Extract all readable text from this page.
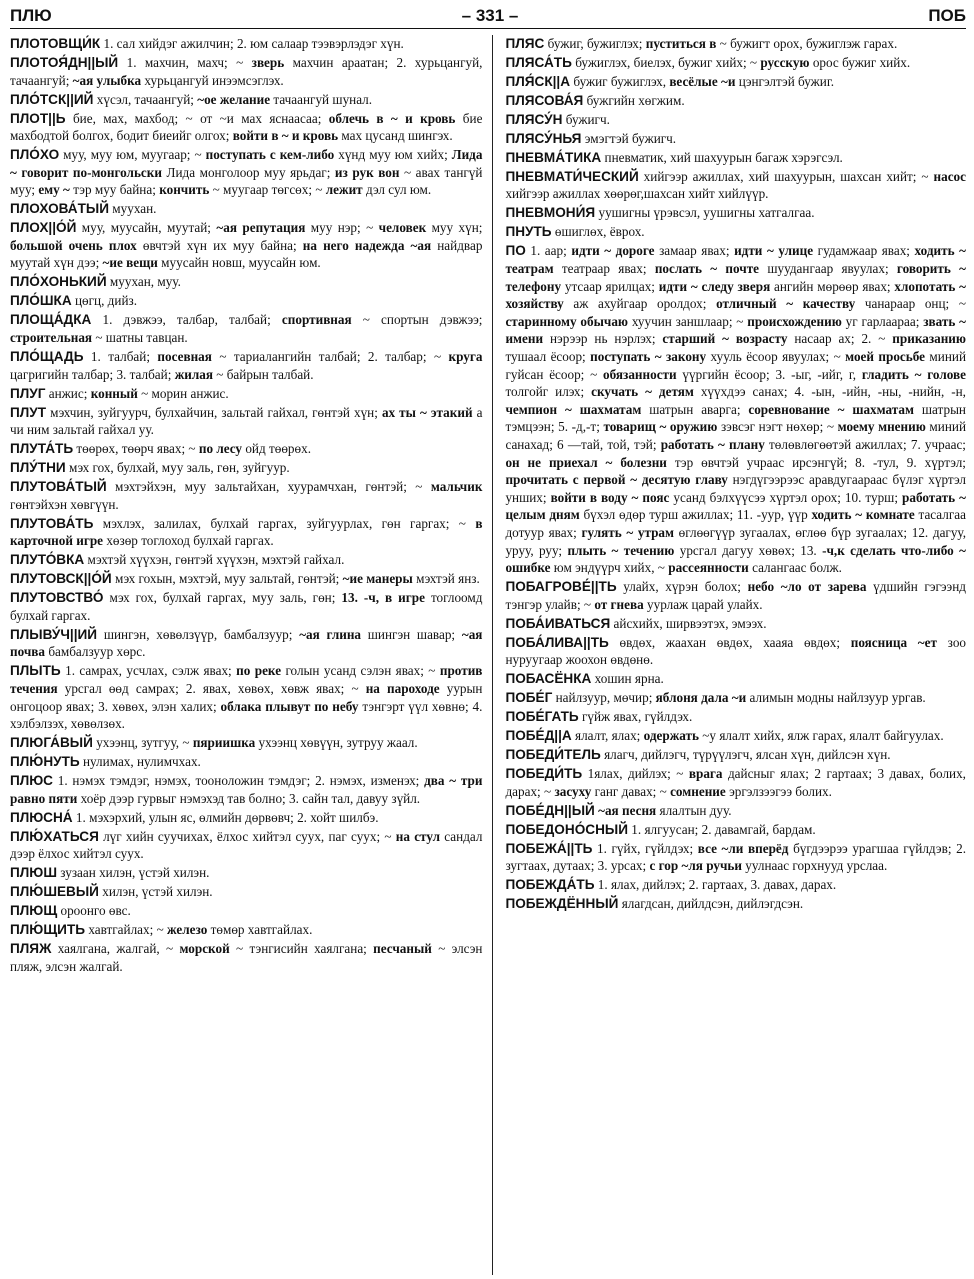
ПЛЮ	– 331 –	ПОБ
ПЛОТОВЩИ́К 1. сал хийдэг ажилчин; 2. юм салаар тээвэрлэдэг хүн.
ПЛОТОЯ́ДН||ЫЙ 1. махчин, махч; ~ зверь махчин араатан; 2. хурьцангуй, тачаангуй; ~ая улыбка хурьцангуй инээмсэглэх.
ПЛО́ТСК||ИЙ хүсэл, тачаангуй; ~ое желание тачаангуй шунал.
ПЛОТ||Ь бие, мах, махбод; ~ от ~и мах яснаасаа; облечь в ~ и кровь бие махбодтой болгох, бодит биеийг олгох; войти в ~ и кровь мах цусанд шингэх.
ПЛО́ХО муу, муу юм, муугаар; ~ поступать с кем-либо хүнд муу юм хийх; Лида ~ говорит по-монгольски Лида монголоор муу ярьдаг; из рук вон ~ авах тангүй муу; ему ~ тэр муу байна; кончить ~ муугаар төгсөх; ~ лежит дэл сул юм.
ПЛОХОВА́ТЫЙ муухан.
ПЛОХ||О́Й муу, муусайн, муутай; ~ая репутация муу нэр; ~ человек муу хүн; большой очень плох өвчтэй хүн их муу байна; на него надежда ~ая найдвар муутай хүн дээ; ~ие вещи муусайн новш, муусайн юм.
ПЛО́ХОНЬКИЙ муухан, муу.
ПЛО́ШКА цөгц, дийз.
ПЛОЩА́ДКА 1. дэвжээ, талбар, талбай; спортивная ~ спортын дэвжээ; строительная ~ шатны тавцан.
ПЛО́ЩАДЬ 1. талбай; посевная ~ тариалангийн талбай; 2. талбар; ~ круга цагригийн талбар; 3. талбай; жилая ~ байрын талбай.
ПЛУГ анжис; конный ~ морин анжис.
ПЛУТ мэхчин, зуйгуурч, булхайчин, зальтай гайхал, гөнтэй хүн; ах ты ~ этакий а чи ним зальтай гайхал уу.
ПЛУТА́ТЬ төөрөх, төөрч явах; ~ по лесу ойд төөрөх.
ПЛУ́ТНИ мэх гох, булхай, муу заль, гөн, зуйгуур.
ПЛУТОВА́ТЫЙ мэхтэйхэн, муу зальтайхан, хуурамчхан, гөнтэй; ~ мальчик гөнтэйхэн хөвгүүн.
ПЛУТОВА́ТЬ мэхлэх, залилах, булхай гаргах, зуйгуурлах, гөн гаргах; ~ в карточной игре хөзөр тоглоход булхай гаргах.
ПЛУТО́ВКА мэхтэй хүүхэн, гөнтэй хүүхэн, мэхтэй гайхал.
ПЛУТОВСК||О́Й мэх гохын, мэхтэй, муу зальтай, гөнтэй; ~ие манеры мэхтэй янз.
ПЛУТОВСТВО́ мэх гох, булхай гаргах, муу заль, гөн; 13. -ч, в игре тоглоомд булхай гаргах.
ПЛЫВУ́Ч||ИЙ шингэн, хөвөлзүүр, бамбалзуур; ~ая глина шингэн шавар; ~ая почва бамбалзуур хөрс.
ПЛЫТЬ 1. самрах, усчлах, сэлж явах; по реке голын усанд сэлэн явах; ~ против течения урсгал өөд самрах; 2. явах, хөвөх, хөвж явах; ~ на пароходе уурын онгоцоор явах; 3. хөвөх, элэн халих; облака плывут по небу тэнгэрт үүл хөвнө; 4. хэлбэлзэх, хөвөлзөх.
ПЛЮГА́ВЫЙ ухээнц, зутгуу, ~ пяриишка ухээнц хөвүүн, зутруу жаал.
ПЛЮ́НУТЬ нулимах, нулимчхах.
ПЛЮС 1. нэмэх тэмдэг, нэмэх, тооноложин тэмдэг; 2. нэмэх, изменэх; два ~ три равно пяти хоёр дээр гурвыг нэмэхэд тав болно; 3. сайн тал, давуу зүйл.
ПЛЮСНА́ 1. мэхэрхий, улын яс, өлмийн дөрвөвч; 2. хойт шилбэ.
ПЛЮ́ХАТЬСЯ лүг хийн суучихах, ёлхос хийтэл суух, паг суух; ~ на стул сандал дээр ёлхос хийтэл суух.
ПЛЮШ зузаан хилэн, үстэй хилэн.
ПЛЮ́ШЕВЫЙ хилэн, үстэй хилэн.
ПЛЮЩ ороонго өвс.
ПЛЮ́ЩИТЬ хавтгайлах; ~ железо төмөр хавтгайлах.
ПЛЯЖ хаялгана, жалгай, ~ морской ~ тэнгисийн хаялгана; песчаный ~ элсэн пляж, элсэн жалгай.
ПЛЯС бужиг, бужиглэх; пуститься в ~ бужигт орох, бужиглэж гарах.
ПЛЯСА́ТЬ бужиглэх, биелэх, бужиг хийх; ~ русскую орос бужиг хийх.
ПЛЯ́СК||А бужиг бужиглэх, весёлые ~и цэнгэлтэй бужиг.
ПЛЯСОВА́Я бужгийн хөгжим.
ПЛЯСУ́Н бужигч.
ПЛЯСУ́НЬЯ эмэгтэй бужигч.
ПНЕВМА́ТИКА пневматик, хий шахуурын багаж хэрэгсэл.
ПНЕВМАТИ́ЧЕСКИЙ хийгээр ажиллах, хий шахуурын, шахсан хийт; ~ насос хийгээр ажиллах хөөрөг,шахсан хийт хийлүүр.
ПНЕВМОНИ́Я уушигны үрэвсэл, уушигны хатгалгаа.
ПНУТЬ өшиглөх, ёврох.
ПО 1. аар; идти ~ дороге замаар явах; идти ~ улице гудамжаар явах; ходить ~ театрам театраар явах; послать ~ почте шуудангаар явуулах; говорить ~ телефону утсаар ярилцах; идти ~ следу зверя ангийн мөрөөр явах; хлопотать ~ хозяйству аж ахуйгаар оролдох; отличный ~ качеству чанараар онц; ~ старинному обычаю хуучин заншлаар; ~ происхождению уг гарлаараа; звать ~ имени нэрээр нь нэрлэх; старший ~ возрасту насаар ах; 2. ~ приказанию тушаал ёсоор; поступать ~ закону хууль ёсоор явуулах; ~ моей просьбе миний гуйсан ёсоор; ~ обязанности үүргийн ёсоор; 3. -ыг, -ийг, г, гладить ~ голове толгойг илэх; скучать ~ детям хүүхдээ санах; 4. -ын, -ийн, -ны, -нийн, -н, чемпион ~ шахматам шатрын аварга; соревнование ~ шахматам шатрын тэмцээн; 5. -д,-т; товарищ ~ оружию зэвсэг нэгт нөхөр; ~ моему мнению миний санахад; 6 —тай, той, тэй; работать ~ плану төлөвлөгөөтэй ажиллах; 7. учраас; он не приехал ~ болезни тэр өвчтэй учраас ирсэнгүй; 8. -тул, 9. хүртэл; прочитать с первой ~ десятую главу нэгдүгээрээс аравдугаараас бүлэг хүртэл уншиx; войти в воду ~ пояс усанд бэлхүүсээ хүртэл орох; 10. турш; работать ~ целым дням бүхэл өдөр турш ажиллах; 11. -уур, үүр ходить ~ комнате тасалгаа дотуур явах; гулять ~ утрам өглөөгүүр зугаалах, өглөө бүр зугаалах; 12. дагуу, уруу, руу; плыть ~ течению урсгал дагуу хөвөх; 13. -ч,к сделать что-либо ~ ошибке юм эндүүрч хийх, ~ рассеянности салангаас болж.
ПОБАГРОВЕ́||ТЬ улайх, хүрэн болох; небо ~ло от зарева үдшийн гэгээнд тэнгэр улайв; ~ от гнева уурлаж царай улайх.
ПОБА́ИВАТЬСЯ айсхийх, ширвээтэх, эмээх.
ПОБА́ЛИВА||ТЬ өвдөх, жаахан өвдөх, хааяа өвдөх; поясница ~ет зоо нуруугаар жоохон өвдөнө.
ПОБАСЁНКА хошин ярна.
ПОБЕ́Г найлзуур, мөчир; яблоня дала ~и алимын модны найлзуур ургав.
ПОБЕ́ГАТЬ гүйж явах, гүйлдэх.
ПОБЕ́Д||А ялалт, ялах; одержать ~у ялалт хийх, ялж гарах, ялалт байгуулах.
ПОБЕДИ́ТЕЛЬ ялагч, дийлэгч, түрүүлэгч, ялсан хүн, дийлсэн хүн.
ПОБЕДИ́ТЬ 1ялах, дийлэх; ~ врага дайсныг ялах; 2 гартаах; 3 давах, болих, дарах; ~ засуху ганг давах; ~ сомнение эргэлзээгээ болих.
ПОБЕ́ДН||ЫЙ ~ая песня ялалтын дуу.
ПОБЕДОНО́СНЫЙ 1. ялгуусан; 2. давамгай, бардам.
ПОБЕЖА́||ТЬ 1. гүйх, гүйлдэх; все ~ли вперёд бүгдээрээ урагшаа гүйлдэв; 2. зугтаах, дутаах; 3. урсах; с гор ~ля ручьи уулнаас горхнууд урслаа.
ПОБЕЖДА́ТЬ 1. ялах, дийлэх; 2. гартаах, 3. давах, дарах.
ПОБЕЖДЁННЫЙ ялагдсан, дийлдсэн, дийлэгдсэн.
